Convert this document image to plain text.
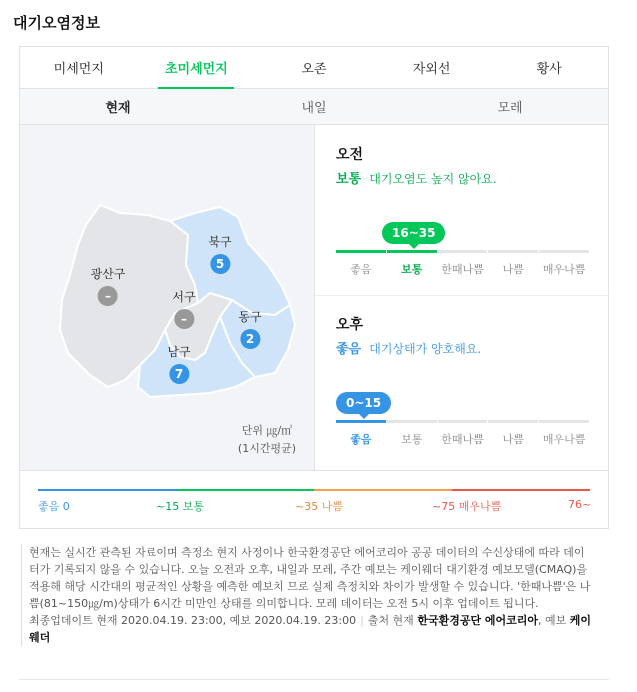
대기오염정보
미세먼지	초미세먼지	오존	자외선	황사
현재	내일	모레
북구
5
광산구
–	서구
–	동구
2
남구
7
단위 ㎍/㎥
(1시간평균)
오전
보통 대기오염도 높지 않아요.
16~35
좋음	보통	한때나쁨	나쁨	매우나쁨
오후
좋음 대기상태가 양호해요.
0~15
좋음	보통	한때나쁨	나쁨	매우나쁨
좋음 0	~15 보통	~35 나쁨	~75 매우나쁨	76~
현재는 실시간 관측된 자료이며 측정소 현지 사정이나 한국환경공단 에어코리아 공공 데이터의 수신상태에 따라 데이터가 기록되지 않을 수 있습니다. 오늘 오전과 오후, 내일과 모레, 주간 예보는 케이웨더 대기환경 예보모델(CMAQ)을 적용해 해당 시간대의 평균적인 상황을 예측한 예보치 므로 실제 측정치와 차이가 발생할 수 있습니다. '한때나쁨'은 나쁨(81~150㎍/m)상태가 6시간 미만인 상태를 의미합니다. 모레 데이터는 오전 5시 이후 업데이트 됩니다.
최종업데이트 현재 2020.04.19. 23:00, 예보 2020.04.19. 23:00 | 출처 현재 한국환경공단 에어코리아, 예보 케이웨더
